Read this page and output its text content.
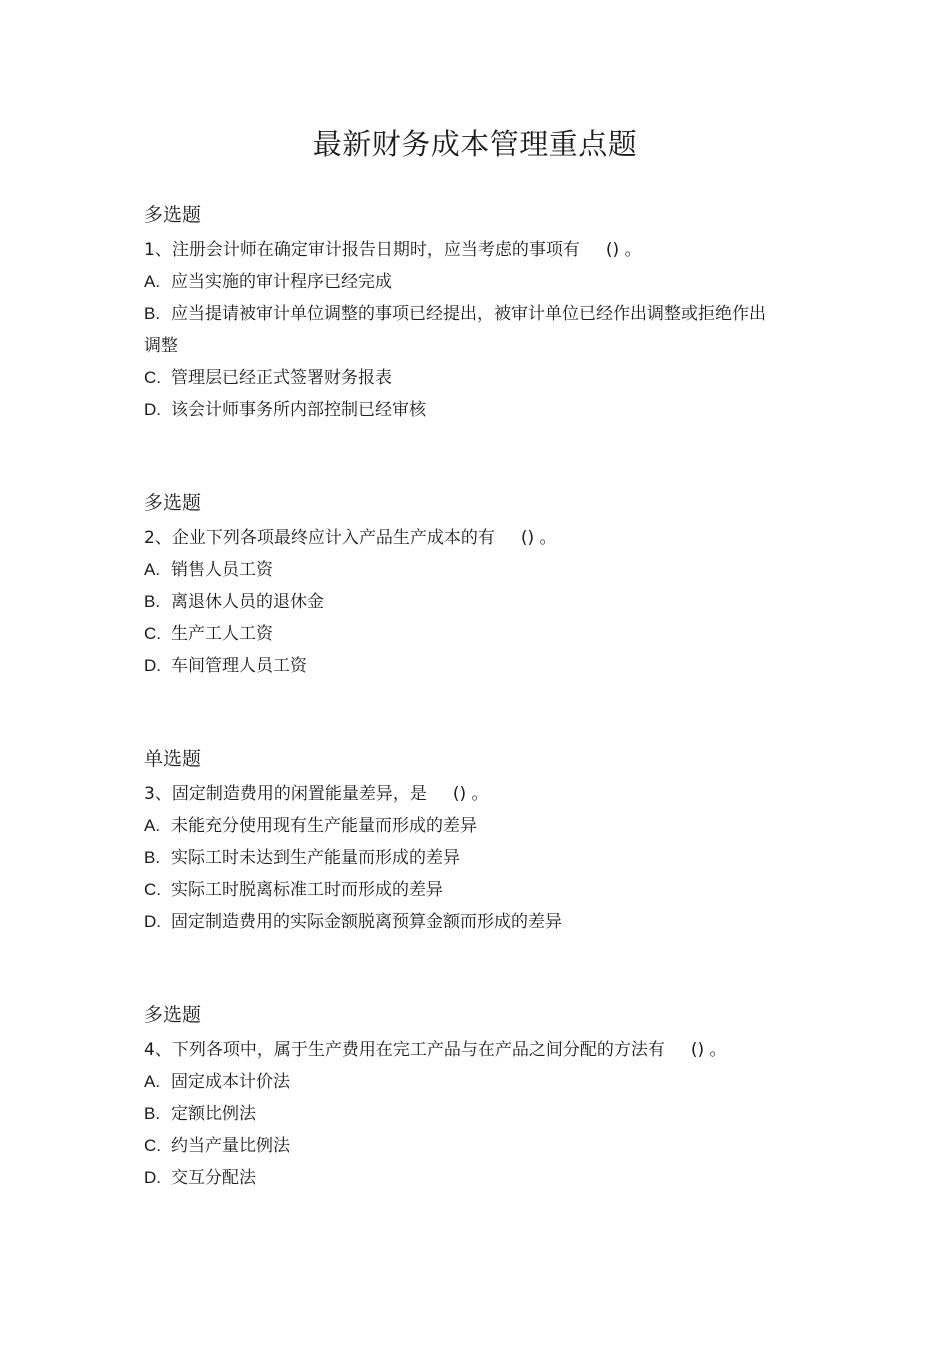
最新财务成本管理重点题
多选题
1、注册会计师在确定审计报告日期时，应当考虑的事项有 () 。
A. 应当实施的审计程序已经完成
B. 应当提请被审计单位调整的事项已经提出，被审计单位已经作出调整或拒绝作出调整
C. 管理层已经正式签署财务报表
D. 该会计师事务所内部控制已经审核
多选题
2、企业下列各项最终应计入产品生产成本的有 () 。
A. 销售人员工资
B. 离退休人员的退休金
C. 生产工人工资
D. 车间管理人员工资
单选题
3、固定制造费用的闲置能量差异，是 () 。
A. 未能充分使用现有生产能量而形成的差异
B. 实际工时未达到生产能量而形成的差异
C. 实际工时脱离标准工时而形成的差异
D. 固定制造费用的实际金额脱离预算金额而形成的差异
多选题
4、下列各项中，属于生产费用在完工产品与在产品之间分配的方法有 () 。
A. 固定成本计价法
B. 定额比例法
C. 约当产量比例法
D. 交互分配法
